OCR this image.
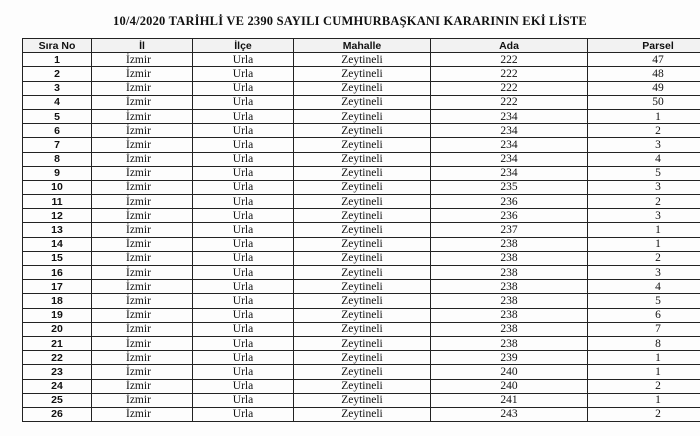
10/4/2020 TARİHLİ VE 2390 SAYILI CUMHURBAŞKANI KARARININ EKİ LİSTE
Sıra No	İl	İlçe	Mahalle	Ada	Parsel
1	İzmir	Urla	Zeytineli	222	47
2	İzmir	Urla	Zeytineli	222	48
3	İzmir	Urla	Zeytineli	222	49
4	İzmir	Urla	Zeytineli	222	50
5	İzmir	Urla	Zeytineli	234	1
6	İzmir	Urla	Zeytineli	234	2
7	İzmir	Urla	Zeytineli	234	3
8	İzmir	Urla	Zeytineli	234	4
9	İzmir	Urla	Zeytineli	234	5
10	İzmir	Urla	Zeytineli	235	3
11	İzmir	Urla	Zeytineli	236	2
12	İzmir	Urla	Zeytineli	236	3
13	İzmir	Urla	Zeytineli	237	1
14	İzmir	Urla	Zeytineli	238	1
15	İzmir	Urla	Zeytineli	238	2
16	İzmir	Urla	Zeytineli	238	3
17	İzmir	Urla	Zeytineli	238	4
18	İzmir	Urla	Zeytineli	238	5
19	İzmir	Urla	Zeytineli	238	6
20	İzmir	Urla	Zeytineli	238	7
21	İzmir	Urla	Zeytineli	238	8
22	İzmir	Urla	Zeytineli	239	1
23	İzmir	Urla	Zeytineli	240	1
24	İzmir	Urla	Zeytineli	240	2
25	İzmir	Urla	Zeytineli	241	1
26	İzmir	Urla	Zeytineli	243	2
